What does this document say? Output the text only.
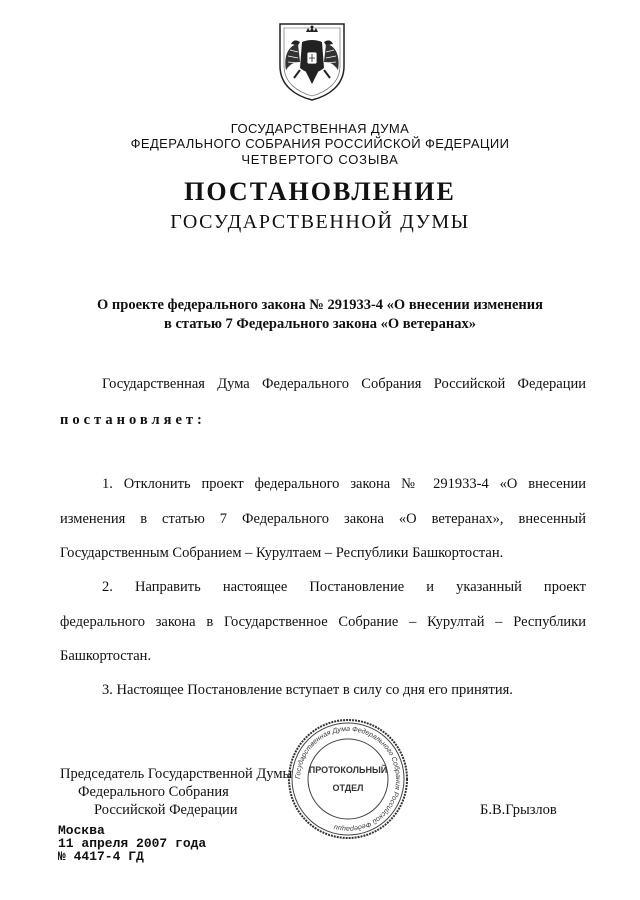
ГОСУДАРСТВЕННАЯ ДУМА
ФЕДЕРАЛЬНОГО СОБРАНИЯ РОССИЙСКОЙ ФЕДЕРАЦИИ
ЧЕТВЕРТОГО СОЗЫВА
ПОСТАНОВЛЕНИЕ
ГОСУДАРСТВЕННОЙ ДУМЫ
О проекте федерального закона № 291933-4 «О внесении изменения
в статью 7 Федерального закона «О ветеранах»
Государственная Дума Федерального Собрания Российской Федерации
постановляет:
1. Отклонить проект федерального закона № 291933-4 «О внесении
изменения в статью 7 Федерального закона «О ветеранах», внесенный
Государственным Собранием – Курултаем – Республики Башкортостан.
2. Направить настоящее Постановление и указанный проект
федерального закона в Государственное Собрание – Курултай – Республики
Башкортостан.
3. Настоящее Постановление вступает в силу со дня его принятия.
Государственная Дума Федерального Собрания Российской Федерации
ПРОТОКОЛЬНЫЙ
ОТДЕЛ
Председатель Государственной Думы
Федерального Собрания
Российской Федерации	Б.В.Грызлов
Москва
11 апреля 2007 года
№ 4417-4 ГД
